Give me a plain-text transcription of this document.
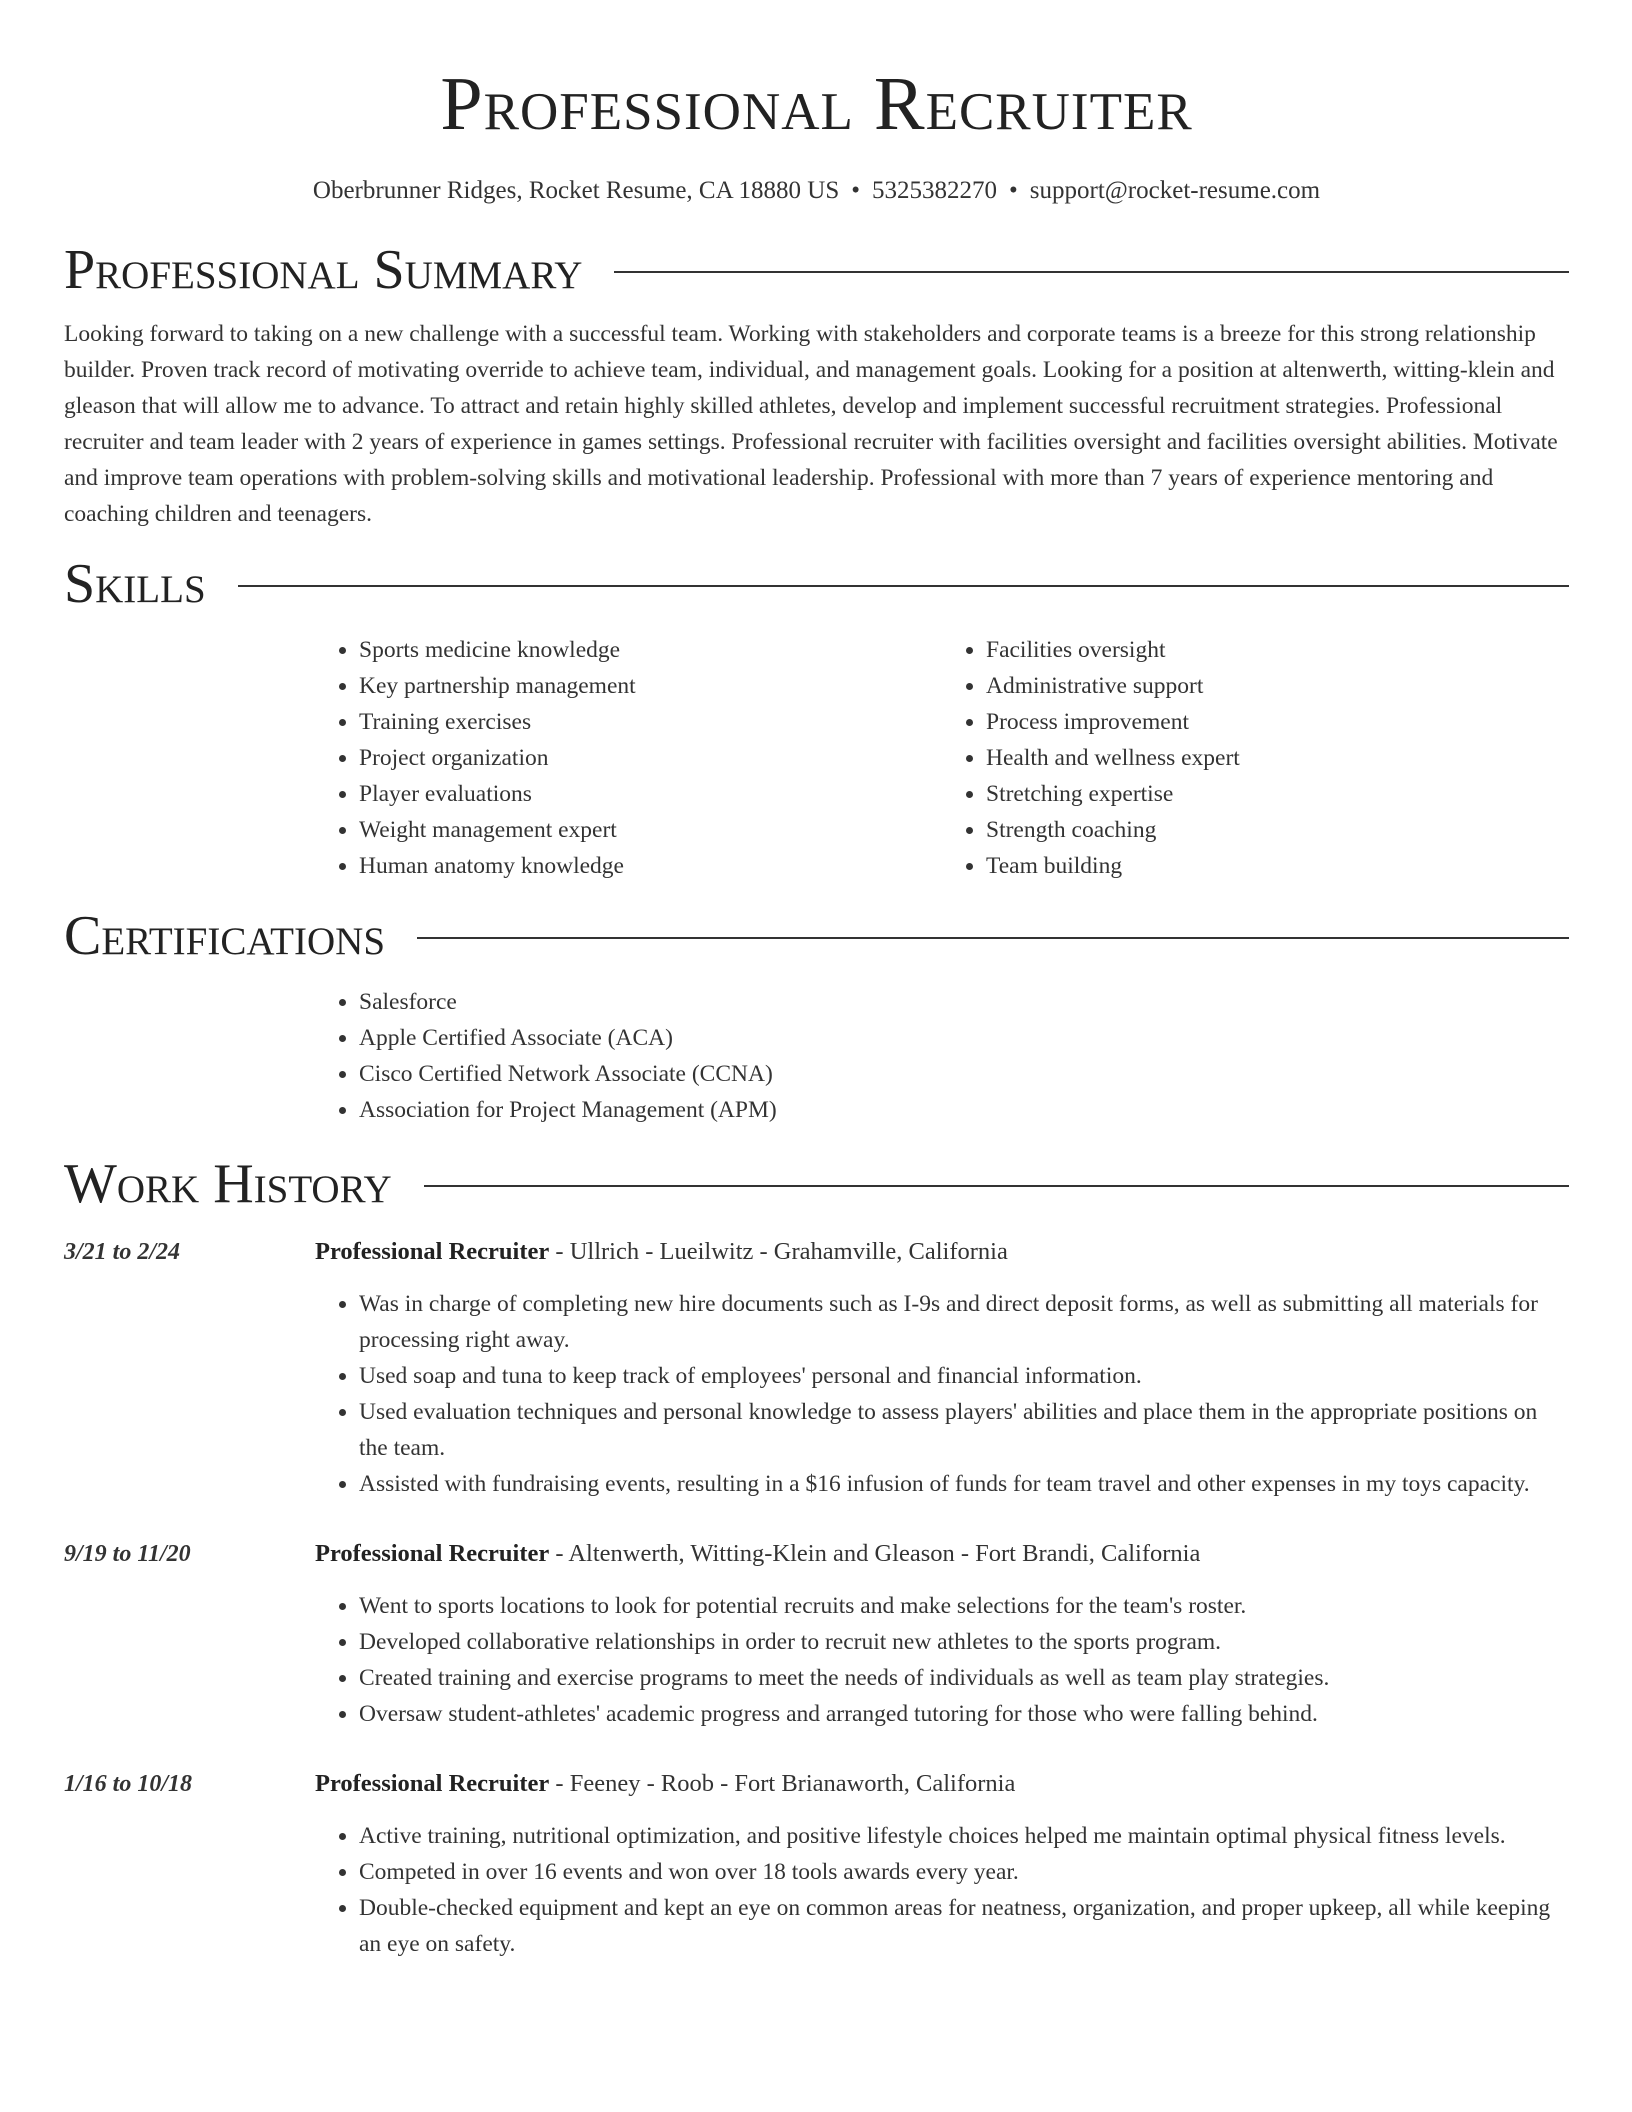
Professional Recruiter
Oberbrunner Ridges, Rocket Resume, CA 18880 US • 5325382270 • support@rocket-resume.com
Professional Summary

Looking forward to taking on a new challenge with a successful team. Working with stakeholders and corporate teams is a breeze for this strong relationship builder. Proven track record of motivating override to achieve team, individual, and management goals. Looking for a position at altenwerth, witting-klein and gleason that will allow me to advance. To attract and retain highly skilled athletes, develop and implement successful recruitment strategies. Professional recruiter and team leader with 2 years of experience in games settings. Professional recruiter with facilities oversight and facilities oversight abilities. Motivate and improve team operations with problem-solving skills and motivational leadership. Professional with more than 7 years of experience mentoring and coaching children and teenagers.

Skills
• Sports medicine knowledge
• Key partnership management
• Training exercises
• Project organization
• Player evaluations
• Weight management expert
• Human anatomy knowledge
• Facilities oversight
• Administrative support
• Process improvement
• Health and wellness expert
• Stretching expertise
• Strength coaching
• Team building
Certifications
• Salesforce
• Apple Certified Associate (ACA)
• Cisco Certified Network Associate (CCNA)
• Association for Project Management (APM)
Work History
3/21 to 2/24	Professional Recruiter - Ullrich - Lueilwitz - Grahamville, California
• Was in charge of completing new hire documents such as I-9s and direct deposit forms, as well as submitting all materials for processing right away.
• Used soap and tuna to keep track of employees' personal and financial information.
• Used evaluation techniques and personal knowledge to assess players' abilities and place them in the appropriate positions on the team.
• Assisted with fundraising events, resulting in a $16 infusion of funds for team travel and other expenses in my toys capacity.
9/19 to 11/20	Professional Recruiter - Altenwerth, Witting-Klein and Gleason - Fort Brandi, California
• Went to sports locations to look for potential recruits and make selections for the team's roster.
• Developed collaborative relationships in order to recruit new athletes to the sports program.
• Created training and exercise programs to meet the needs of individuals as well as team play strategies.
• Oversaw student-athletes' academic progress and arranged tutoring for those who were falling behind.
1/16 to 10/18	Professional Recruiter - Feeney - Roob - Fort Brianaworth, California
• Active training, nutritional optimization, and positive lifestyle choices helped me maintain optimal physical fitness levels.
• Competed in over 16 events and won over 18 tools awards every year.
• Double-checked equipment and kept an eye on common areas for neatness, organization, and proper upkeep, all while keeping an eye on safety.
